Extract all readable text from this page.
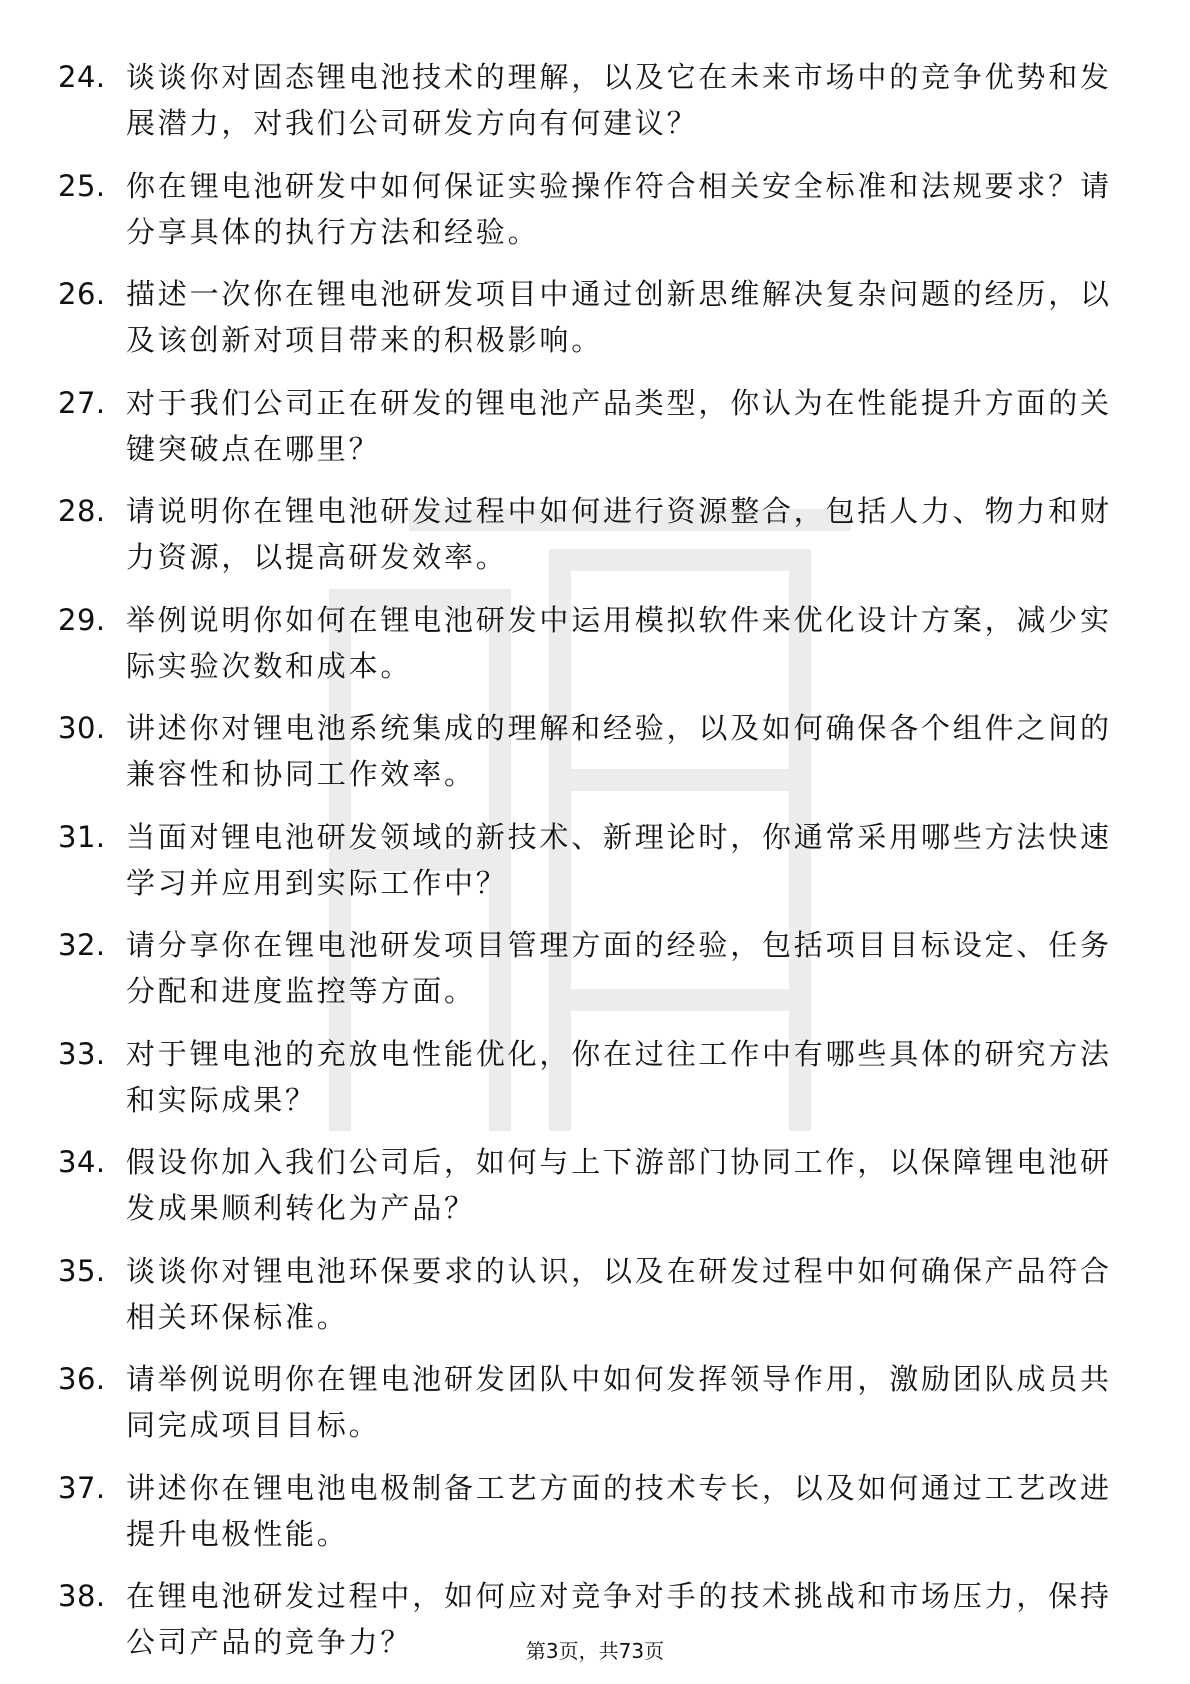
24. 谈谈你对固态锂电池技术的理解，以及它在未来市场中的竞争优势和发展潜力，对我们公司研发方向有何建议？
25. 你在锂电池研发中如何保证实验操作符合相关安全标准和法规要求？请分享具体的执行方法和经验。
26. 描述一次你在锂电池研发项目中通过创新思维解决复杂问题的经历，以及该创新对项目带来的积极影响。
27. 对于我们公司正在研发的锂电池产品类型，你认为在性能提升方面的关键突破点在哪里？
28. 请说明你在锂电池研发过程中如何进行资源整合，包括人力、物力和财力资源，以提高研发效率。
29. 举例说明你如何在锂电池研发中运用模拟软件来优化设计方案，减少实际实验次数和成本。
30. 讲述你对锂电池系统集成的理解和经验，以及如何确保各个组件之间的兼容性和协同工作效率。
31. 当面对锂电池研发领域的新技术、新理论时，你通常采用哪些方法快速学习并应用到实际工作中？
32. 请分享你在锂电池研发项目管理方面的经验，包括项目目标设定、任务分配和进度监控等方面。
33. 对于锂电池的充放电性能优化，你在过往工作中有哪些具体的研究方法和实际成果？
34. 假设你加入我们公司后，如何与上下游部门协同工作，以保障锂电池研发成果顺利转化为产品？
35. 谈谈你对锂电池环保要求的认识，以及在研发过程中如何确保产品符合相关环保标准。
36. 请举例说明你在锂电池研发团队中如何发挥领导作用，激励团队成员共同完成项目目标。
37. 讲述你在锂电池电极制备工艺方面的技术专长，以及如何通过工艺改进提升电极性能。
38. 在锂电池研发过程中，如何应对竞争对手的技术挑战和市场压力，保持公司产品的竞争力？	第3页，共73页
